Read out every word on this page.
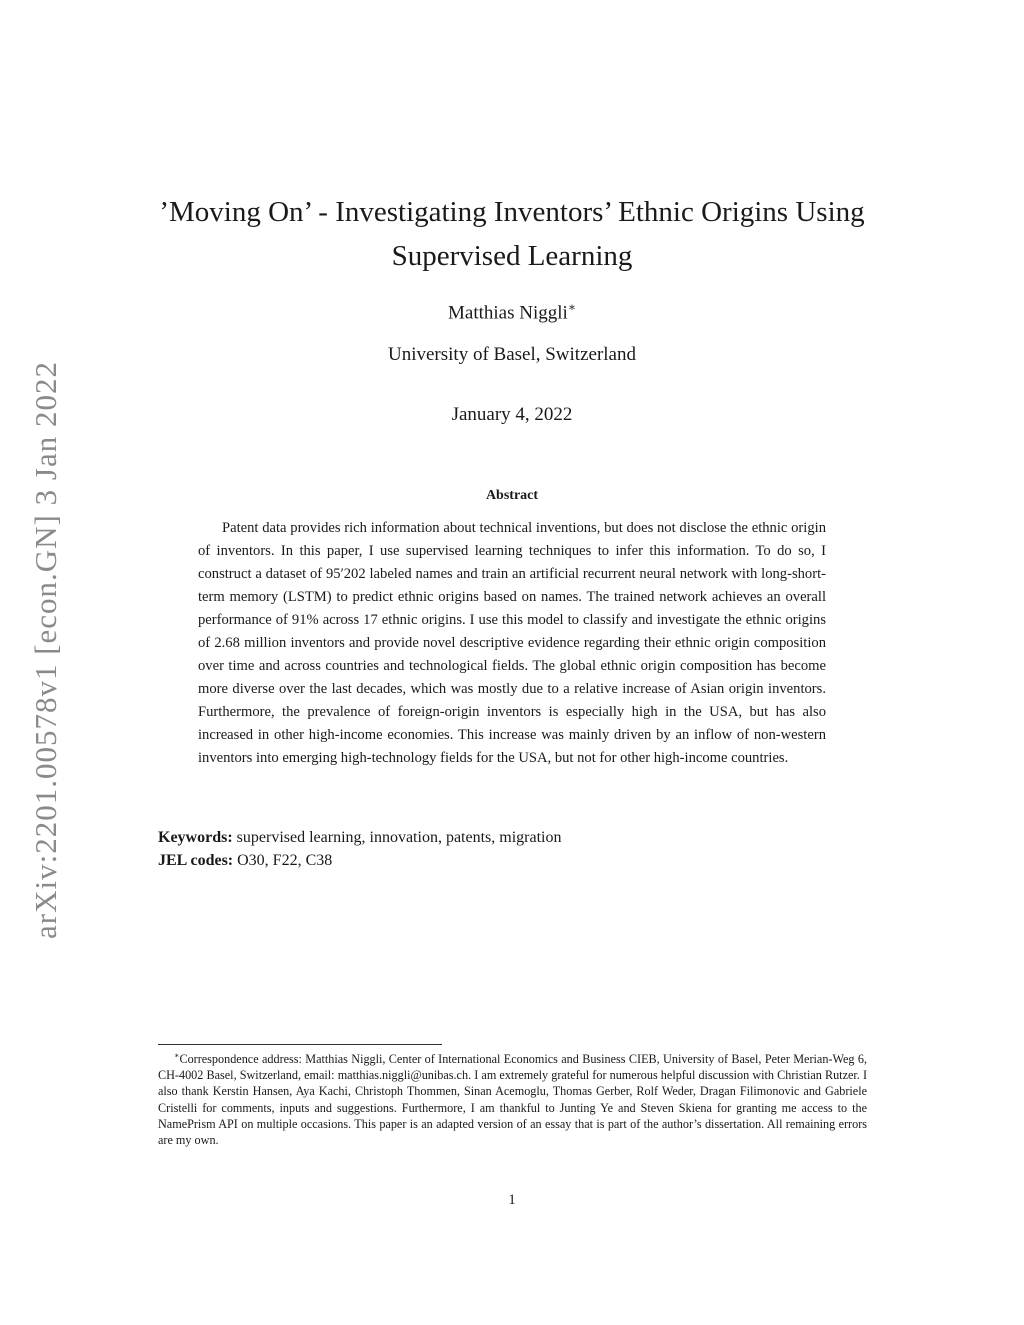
arXiv:2201.00578v1 [econ.GN] 3 Jan 2022
’Moving On’ - Investigating Inventors’ Ethnic Origins Using Supervised Learning
Matthias Niggli∗
University of Basel, Switzerland
January 4, 2022
Abstract

Patent data provides rich information about technical inventions, but does not disclose the ethnic origin of inventors. In this paper, I use supervised learning techniques to infer this information. To do so, I construct a dataset of 95′202 labeled names and train an artificial recurrent neural network with long-short-term memory (LSTM) to predict ethnic origins based on names. The trained network achieves an overall performance of 91% across 17 ethnic origins. I use this model to classify and investigate the ethnic origins of 2.68 million inventors and provide novel descriptive evidence regarding their ethnic origin composition over time and across countries and technological fields. The global ethnic origin composition has become more diverse over the last decades, which was mostly due to a relative increase of Asian origin inventors. Furthermore, the prevalence of foreign-origin inventors is especially high in the USA, but has also increased in other high-income economies. This increase was mainly driven by an inflow of non-western inventors into emerging high-technology fields for the USA, but not for other high-income countries.

Keywords: supervised learning, innovation, patents, migration
JEL codes: O30, F22, C38

∗Correspondence address: Matthias Niggli, Center of International Economics and Business CIEB, University of Basel, Peter Merian-Weg 6, CH-4002 Basel, Switzerland, email: matthias.niggli@unibas.ch. I am extremely grateful for numerous helpful discussion with Christian Rutzer. I also thank Kerstin Hansen, Aya Kachi, Christoph Thommen, Sinan Acemoglu, Thomas Gerber, Rolf Weder, Dragan Filimonovic and Gabriele Cristelli for comments, inputs and suggestions. Furthermore, I am thankful to Junting Ye and Steven Skiena for granting me access to the NamePrism API on multiple occasions. This paper is an adapted version of an essay that is part of the author’s dissertation. All remaining errors are my own.

1
